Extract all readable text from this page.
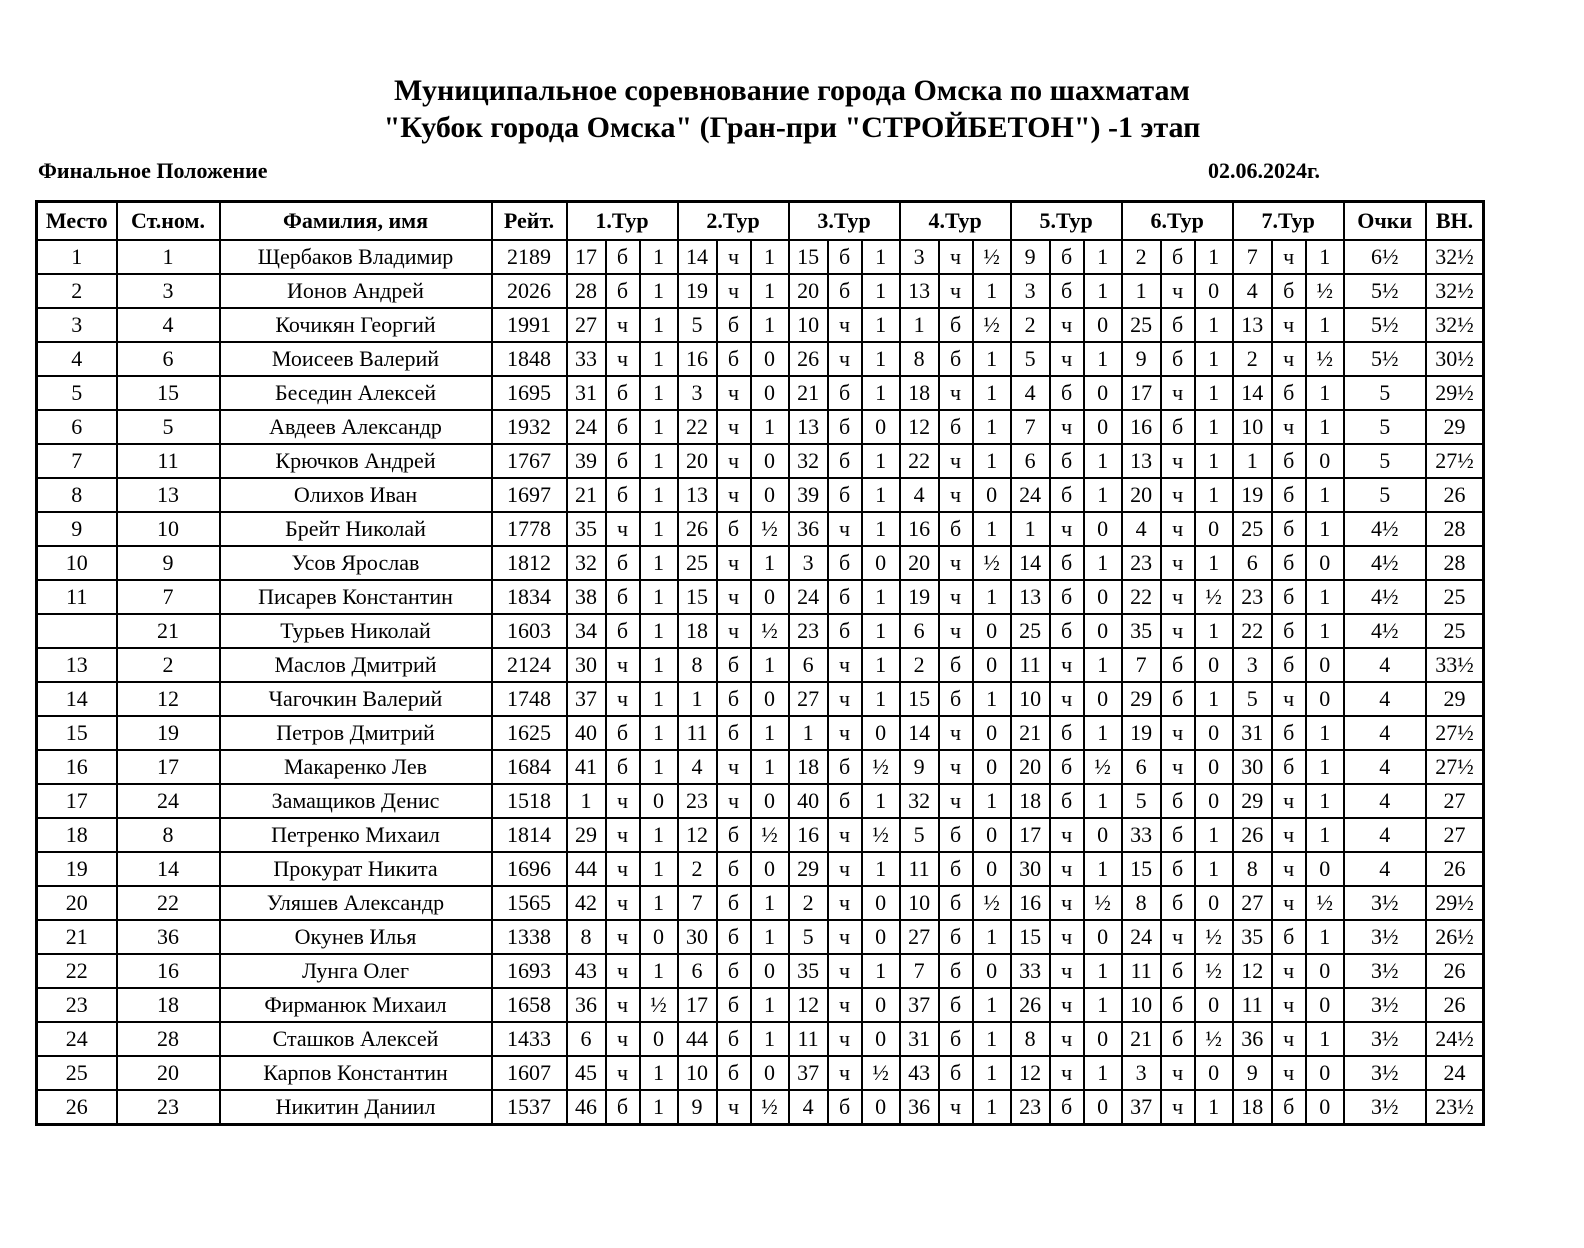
Муниципальное соревнование города Омска по шахматам
"Кубок города Омска" (Гран-при "СТРОЙБЕТОН") -1 этап
Финальное Положение	02.06.2024г.
Место	Ст.ном.	Фамилия, имя	Рейт.	1.Тур			2.Тур			3.Тур			4.Тур			5.Тур			6.Тур			7.Тур			Очки	ВН.
1	1	Щербаков Владимир	2189	17	б	1	14	ч	1	15	б	1	3	ч	½	9	б	1	2	б	1	7	ч	1	6½	32½
2	3	Ионов Андрей	2026	28	б	1	19	ч	1	20	б	1	13	ч	1	3	б	1	1	ч	0	4	б	½	5½	32½
3	4	Кочикян Георгий	1991	27	ч	1	5	б	1	10	ч	1	1	б	½	2	ч	0	25	б	1	13	ч	1	5½	32½
4	6	Моисеев Валерий	1848	33	ч	1	16	б	0	26	ч	1	8	б	1	5	ч	1	9	б	1	2	ч	½	5½	30½
5	15	Беседин Алексей	1695	31	б	1	3	ч	0	21	б	1	18	ч	1	4	б	0	17	ч	1	14	б	1	5	29½
6	5	Авдеев Александр	1932	24	б	1	22	ч	1	13	б	0	12	б	1	7	ч	0	16	б	1	10	ч	1	5	29
7	11	Крючков Андрей	1767	39	б	1	20	ч	0	32	б	1	22	ч	1	6	б	1	13	ч	1	1	б	0	5	27½
8	13	Олихов Иван	1697	21	б	1	13	ч	0	39	б	1	4	ч	0	24	б	1	20	ч	1	19	б	1	5	26
9	10	Брейт Николай	1778	35	ч	1	26	б	½	36	ч	1	16	б	1	1	ч	0	4	ч	0	25	б	1	4½	28
10	9	Усов Ярослав	1812	32	б	1	25	ч	1	3	б	0	20	ч	½	14	б	1	23	ч	1	6	б	0	4½	28
11	7	Писарев Константин	1834	38	б	1	15	ч	0	24	б	1	19	ч	1	13	б	0	22	ч	½	23	б	1	4½	25
	21	Турьев Николай	1603	34	б	1	18	ч	½	23	б	1	6	ч	0	25	б	0	35	ч	1	22	б	1	4½	25
13	2	Маслов Дмитрий	2124	30	ч	1	8	б	1	6	ч	1	2	б	0	11	ч	1	7	б	0	3	б	0	4	33½
14	12	Чагочкин Валерий	1748	37	ч	1	1	б	0	27	ч	1	15	б	1	10	ч	0	29	б	1	5	ч	0	4	29
15	19	Петров Дмитрий	1625	40	б	1	11	б	1	1	ч	0	14	ч	0	21	б	1	19	ч	0	31	б	1	4	27½
16	17	Макаренко Лев	1684	41	б	1	4	ч	1	18	б	½	9	ч	0	20	б	½	6	ч	0	30	б	1	4	27½
17	24	Замащиков Денис	1518	1	ч	0	23	ч	0	40	б	1	32	ч	1	18	б	1	5	б	0	29	ч	1	4	27
18	8	Петренко Михаил	1814	29	ч	1	12	б	½	16	ч	½	5	б	0	17	ч	0	33	б	1	26	ч	1	4	27
19	14	Прокурат Никита	1696	44	ч	1	2	б	0	29	ч	1	11	б	0	30	ч	1	15	б	1	8	ч	0	4	26
20	22	Уляшев Александр	1565	42	ч	1	7	б	1	2	ч	0	10	б	½	16	ч	½	8	б	0	27	ч	½	3½	29½
21	36	Окунев Илья	1338	8	ч	0	30	б	1	5	ч	0	27	б	1	15	ч	0	24	ч	½	35	б	1	3½	26½
22	16	Лунга Олег	1693	43	ч	1	6	б	0	35	ч	1	7	б	0	33	ч	1	11	б	½	12	ч	0	3½	26
23	18	Фирманюк Михаил	1658	36	ч	½	17	б	1	12	ч	0	37	б	1	26	ч	1	10	б	0	11	ч	0	3½	26
24	28	Сташков Алексей	1433	6	ч	0	44	б	1	11	ч	0	31	б	1	8	ч	0	21	б	½	36	ч	1	3½	24½
25	20	Карпов Константин	1607	45	ч	1	10	б	0	37	ч	½	43	б	1	12	ч	1	3	ч	0	9	ч	0	3½	24
26	23	Никитин Даниил	1537	46	б	1	9	ч	½	4	б	0	36	ч	1	23	б	0	37	ч	1	18	б	0	3½	23½
